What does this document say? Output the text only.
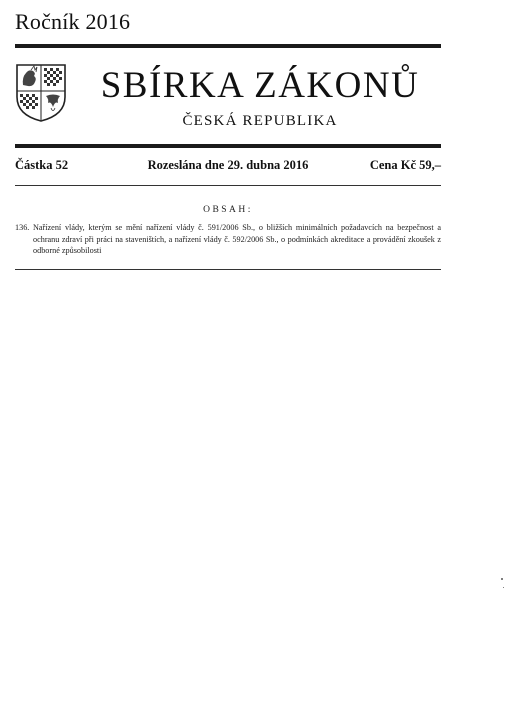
Ročník 2016
SBÍRKA ZÁKONŮ
ČESKÁ REPUBLIKA
Částka 52	Rozeslána dne 29. dubna 2016	Cena Kč 59,–
OBSAH:
136. Nařízení vlády, kterým se mění nařízení vlády č. 591/2006 Sb., o bližších minimálních požadavcích na bezpečnost a ochranu zdraví při práci na staveništích, a nařízení vlády č. 592/2006 Sb., o podmínkách akreditace a provádění zkoušek z odborné způsobilosti
